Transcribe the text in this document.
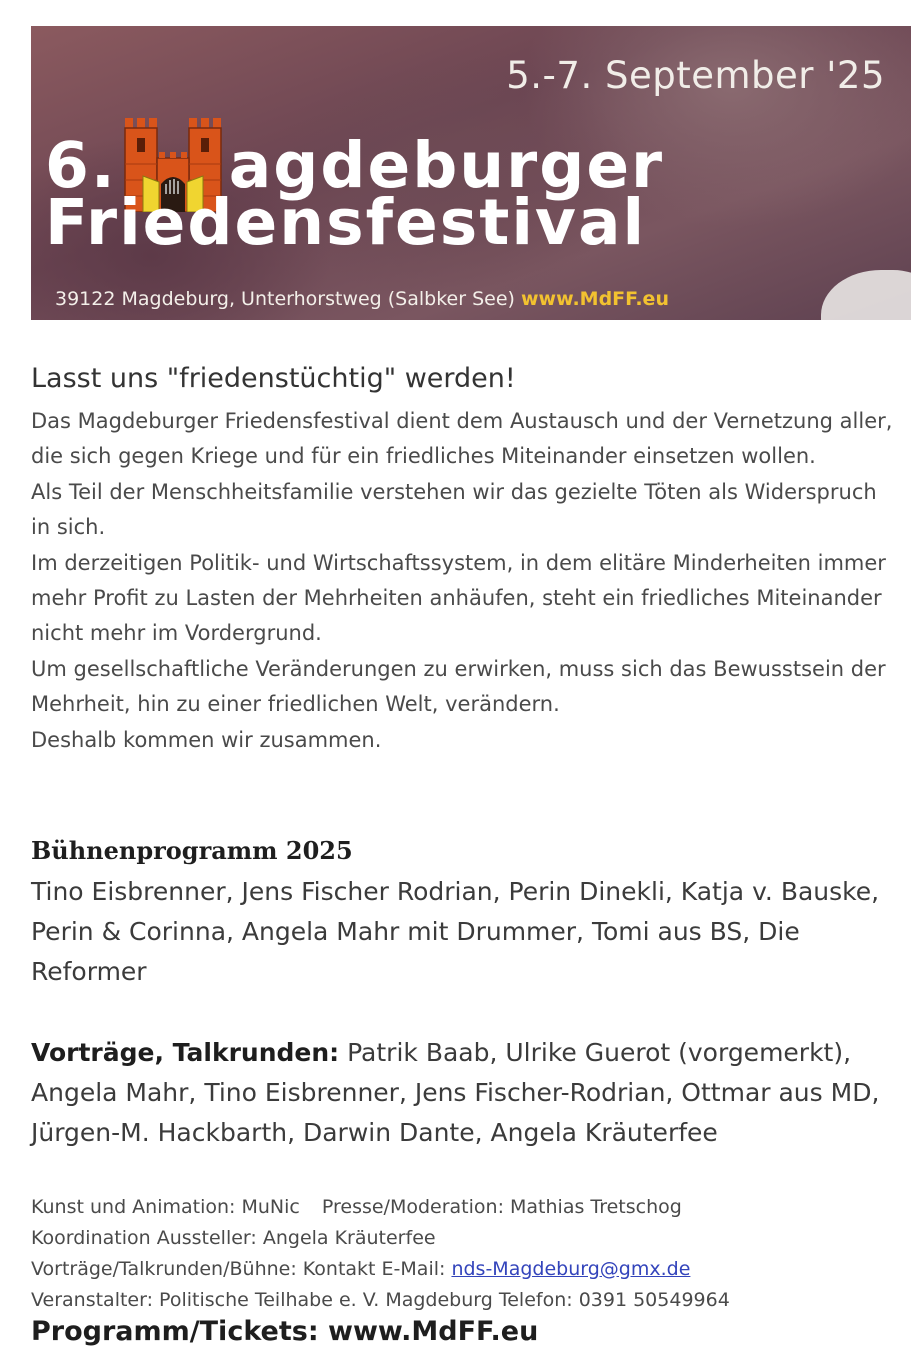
5.-7. September '25
6. agdeburger
Friedensfestival
39122 Magdeburg, Unterhorstweg (Salbker See) www.MdFF.eu
Lasst uns "friedenstüchtig" werden!

Das Magdeburger Friedensfestival dient dem Austausch und der Vernetzung aller, die sich gegen Kriege und für ein friedliches Miteinander einsetzen wollen.

Als Teil der Menschheitsfamilie verstehen wir das gezielte Töten als Widerspruch in sich.

Im derzeitigen Politik- und Wirtschaftssystem, in dem elitäre Minderheiten immer mehr Profit zu Lasten der Mehrheiten anhäufen, steht ein friedliches Miteinander nicht mehr im Vordergrund.

Um gesellschaftliche Veränderungen zu erwirken, muss sich das Bewusstsein der Mehrheit, hin zu einer friedlichen Welt, verändern.

Deshalb kommen wir zusammen.

Bühnenprogramm 2025
Tino Eisbrenner, Jens Fischer Rodrian, Perin Dinekli, Katja v. Bauske, Perin & Corinna, Angela Mahr mit Drummer, Tomi aus BS, Die Reformer
Vorträge, Talkrunden: Patrik Baab, Ulrike Guerot (vorgemerkt), Angela Mahr, Tino Eisbrenner, Jens Fischer-Rodrian, Ottmar aus MD, Jürgen-M. Hackbarth, Darwin Dante, Angela Kräuterfee
Kunst und Animation: MuNic Presse/Moderation: Mathias Tretschog
Koordination Aussteller: Angela Kräuterfee
Vorträge/Talkrunden/Bühne: Kontakt E-Mail: nds-Magdeburg@gmx.de
Veranstalter: Politische Teilhabe e. V. Magdeburg Telefon: 0391 50549964
Programm/Tickets: www.MdFF.eu
